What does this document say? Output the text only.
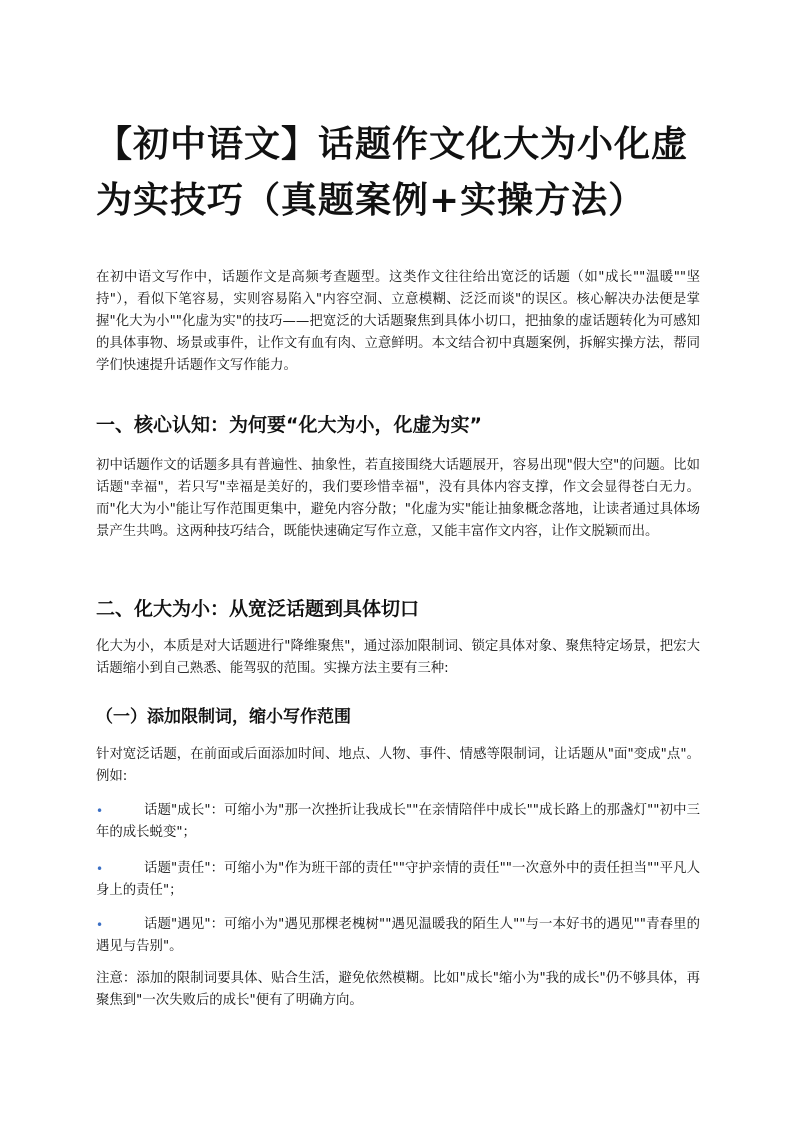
【初中语文】话题作文化大为小化虚为实技巧（真题案例+实操方法）

在初中语文写作中，话题作文是高频考查题型。这类作文往往给出宽泛的话题（如"成长""温暖""坚持"），看似下笔容易，实则容易陷入"内容空洞、立意模糊、泛泛而谈"的误区。核心解决办法便是掌握"化大为小""化虚为实"的技巧——把宽泛的大话题聚焦到具体小切口，把抽象的虚话题转化为可感知的具体事物、场景或事件，让作文有血有肉、立意鲜明。本文结合初中真题案例，拆解实操方法，帮同学们快速提升话题作文写作能力。

一、核心认知：为何要“化大为小，化虚为实”

初中话题作文的话题多具有普遍性、抽象性，若直接围绕大话题展开，容易出现"假大空"的问题。比如话题"幸福"，若只写"幸福是美好的，我们要珍惜幸福"，没有具体内容支撑，作文会显得苍白无力。而"化大为小"能让写作范围更集中，避免内容分散；"化虚为实"能让抽象概念落地，让读者通过具体场景产生共鸣。这两种技巧结合，既能快速确定写作立意，又能丰富作文内容，让作文脱颖而出。

二、化大为小：从宽泛话题到具体切口

化大为小，本质是对大话题进行"降维聚焦"，通过添加限制词、锁定具体对象、聚焦特定场景，把宏大话题缩小到自己熟悉、能驾驭的范围。实操方法主要有三种:

（一）添加限制词，缩小写作范围

针对宽泛话题，在前面或后面添加时间、地点、人物、事件、情感等限制词，让话题从"面"变成"点"。例如:

•	话题"成长"：可缩小为"那一次挫折让我成长""在亲情陪伴中成长""成长路上的那盏灯""初中三年的成长蜕变"；
•	话题"责任"：可缩小为"作为班干部的责任""守护亲情的责任""一次意外中的责任担当""平凡人身上的责任"；
•	话题"遇见"：可缩小为"遇见那棵老槐树""遇见温暖我的陌生人""与一本好书的遇见""青春里的遇见与告别"。

注意：添加的限制词要具体、贴合生活，避免依然模糊。比如"成长"缩小为"我的成长"仍不够具体，再聚焦到"一次失败后的成长"便有了明确方向。
